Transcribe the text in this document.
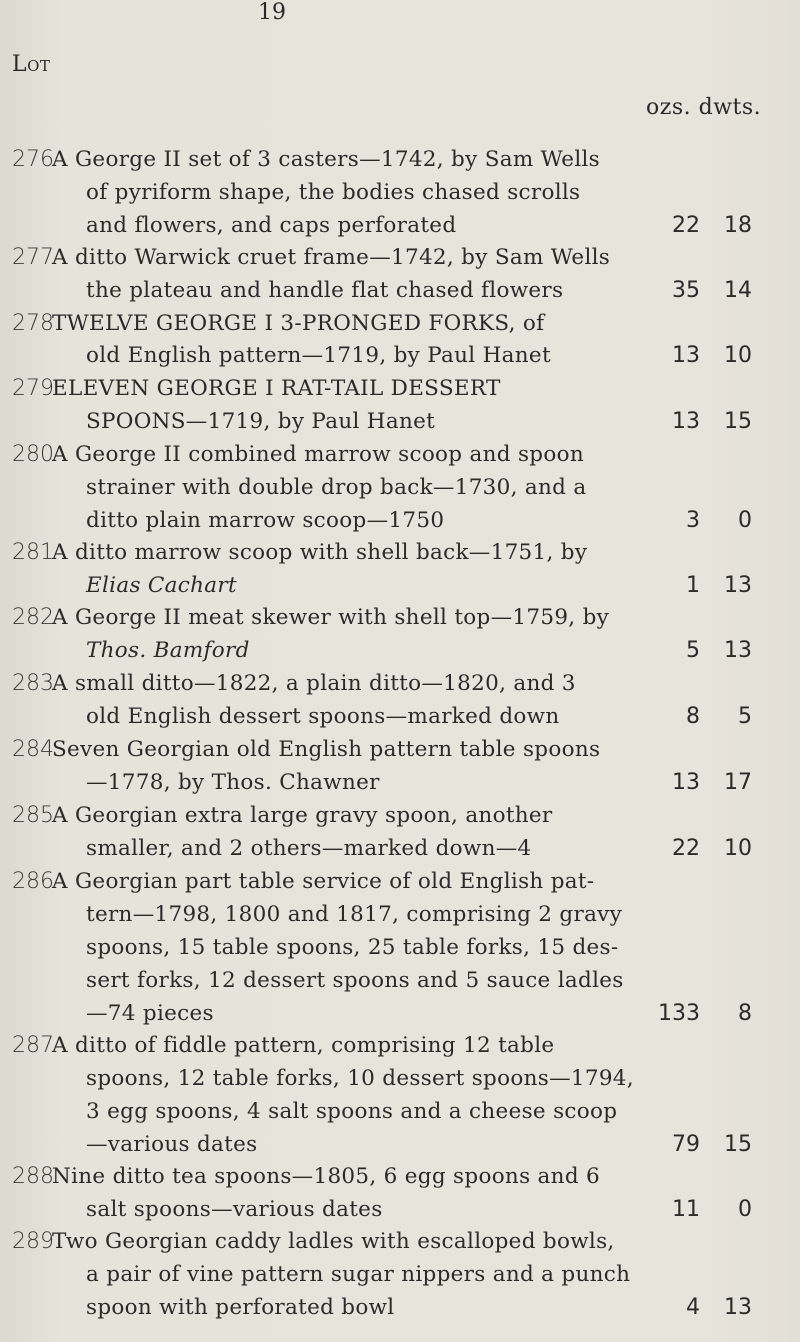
Lot
19
ozs. dwts.
276
A George II set of 3 casters—1742, by Sam Wells
of pyriform shape, the bodies chased scrolls
and flowers, and caps perforated	22 18
277
A ditto Warwick cruet frame—1742, by Sam Wells
the plateau and handle flat chased flowers	35 14
278
TWELVE GEORGE I 3-PRONGED FORKS, of
old English pattern—1719, by Paul Hanet	13 10
279
ELEVEN GEORGE I RAT-TAIL DESSERT
SPOONS—1719, by Paul Hanet	13 15
280
A George II combined marrow scoop and spoon
strainer with double drop back—1730, and a
ditto plain marrow scoop—1750	3	0
281
A ditto marrow scoop with shell back—1751, by
Elias Cachart	1 13
282
A George II meat skewer with shell top—1759, by
Thos. Bamford	5 13
283
A small ditto—1822, a plain ditto—1820, and 3
old English dessert spoons—marked down	8	5
284
Seven Georgian old English pattern table spoons
—1778, by Thos. Chawner	13 17
285
A Georgian extra large gravy spoon, another
smaller, and 2 others—marked down—4	22 10
286
A Georgian part table service of old English pat-
tern—1798, 1800 and 1817, comprising 2 gravy
spoons, 15 table spoons, 25 table forks, 15 des-
sert forks, 12 dessert spoons and 5 sauce ladles
—74 pieces	133	8
287
A ditto of fiddle pattern, comprising 12 table
spoons, 12 table forks, 10 dessert spoons—1794,
3 egg spoons, 4 salt spoons and a cheese scoop
—various dates	79 15
288
Nine ditto tea spoons—1805, 6 egg spoons and 6
salt spoons—various dates	11	0
289
Two Georgian caddy ladles with escalloped bowls,
a pair of vine pattern sugar nippers and a punch
spoon with perforated bowl	4 13
